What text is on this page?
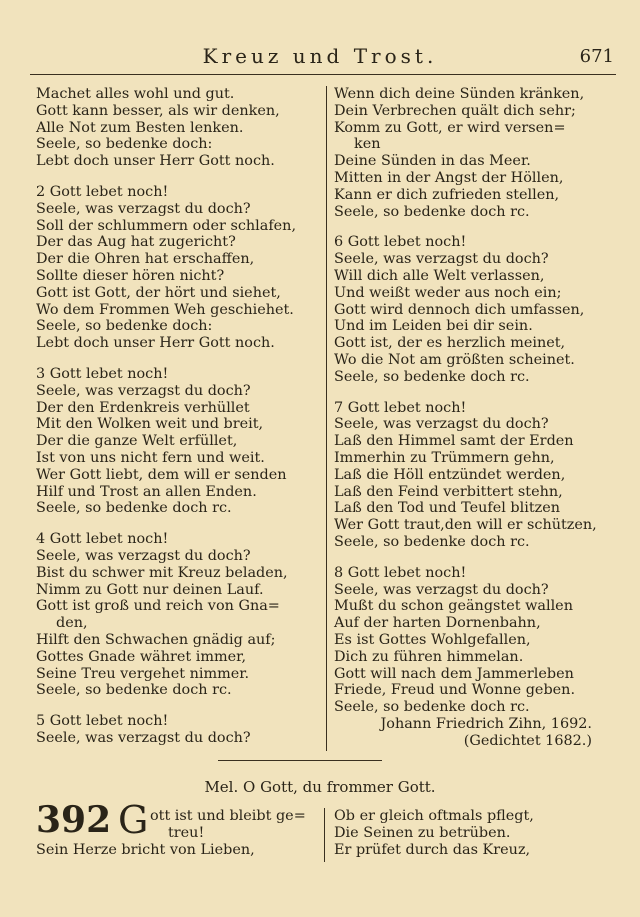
Kreuz und Trost.	671
Machet alles wohl und gut.
Gott kann besser, als wir denken,
Alle Not zum Besten lenken.
Seele, so bedenke doch:
Lebt doch unser Herr Gott noch.
2 Gott lebet noch!
Seele, was verzagst du doch?
Soll der schlummern oder schlafen,
Der das Aug hat zugericht?
Der die Ohren hat erschaffen,
Sollte dieser hören nicht?
Gott ist Gott, der hört und siehet,
Wo dem Frommen Weh geschiehet.
Seele, so bedenke doch:
Lebt doch unser Herr Gott noch.
3 Gott lebet noch!
Seele, was verzagst du doch?
Der den Erdenkreis verhüllet
Mit den Wolken weit und breit,
Der die ganze Welt erfüllet,
Ist von uns nicht fern und weit.
Wer Gott liebt, dem will er senden
Hilf und Trost an allen Enden.
Seele, so bedenke doch rc.
4 Gott lebet noch!
Seele, was verzagst du doch?
Bist du schwer mit Kreuz beladen,
Nimm zu Gott nur deinen Lauf.
Gott ist groß und reich von Gna=
den,
Hilft den Schwachen gnädig auf;
Gottes Gnade währet immer,
Seine Treu vergehet nimmer.
Seele, so bedenke doch rc.
5 Gott lebet noch!
Seele, was verzagst du doch?
Wenn dich deine Sünden kränken,
Dein Verbrechen quält dich sehr;
Komm zu Gott, er wird versen=
ken
Deine Sünden in das Meer.
Mitten in der Angst der Höllen,
Kann er dich zufrieden stellen,
Seele, so bedenke doch rc.
6 Gott lebet noch!
Seele, was verzagst du doch?
Will dich alle Welt verlassen,
Und weißt weder aus noch ein;
Gott wird dennoch dich umfassen,
Und im Leiden bei dir sein.
Gott ist, der es herzlich meinet,
Wo die Not am größten scheinet.
Seele, so bedenke doch rc.
7 Gott lebet noch!
Seele, was verzagst du doch?
Laß den Himmel samt der Erden
Immerhin zu Trümmern gehn,
Laß die Höll entzündet werden,
Laß den Feind verbittert stehn,
Laß den Tod und Teufel blitzen
Wer Gott traut,den will er schützen,
Seele, so bedenke doch rc.
8 Gott lebet noch!
Seele, was verzagst du doch?
Mußt du schon geängstet wallen
Auf der harten Dornenbahn,
Es ist Gottes Wohlgefallen,
Dich zu führen himmelan.
Gott will nach dem Jammerleben
Friede, Freud und Wonne geben.
Seele, so bedenke doch rc.
Johann Friedrich Zihn, 1692.
(Gedichtet 1682.)
Mel. O Gott, du frommer Gott.
392 G ott ist und bleibt ge=
treu!
Sein Herze bricht von Lieben,
Ob er gleich oftmals pflegt,
Die Seinen zu betrüben.
Er prüfet durch das Kreuz,
